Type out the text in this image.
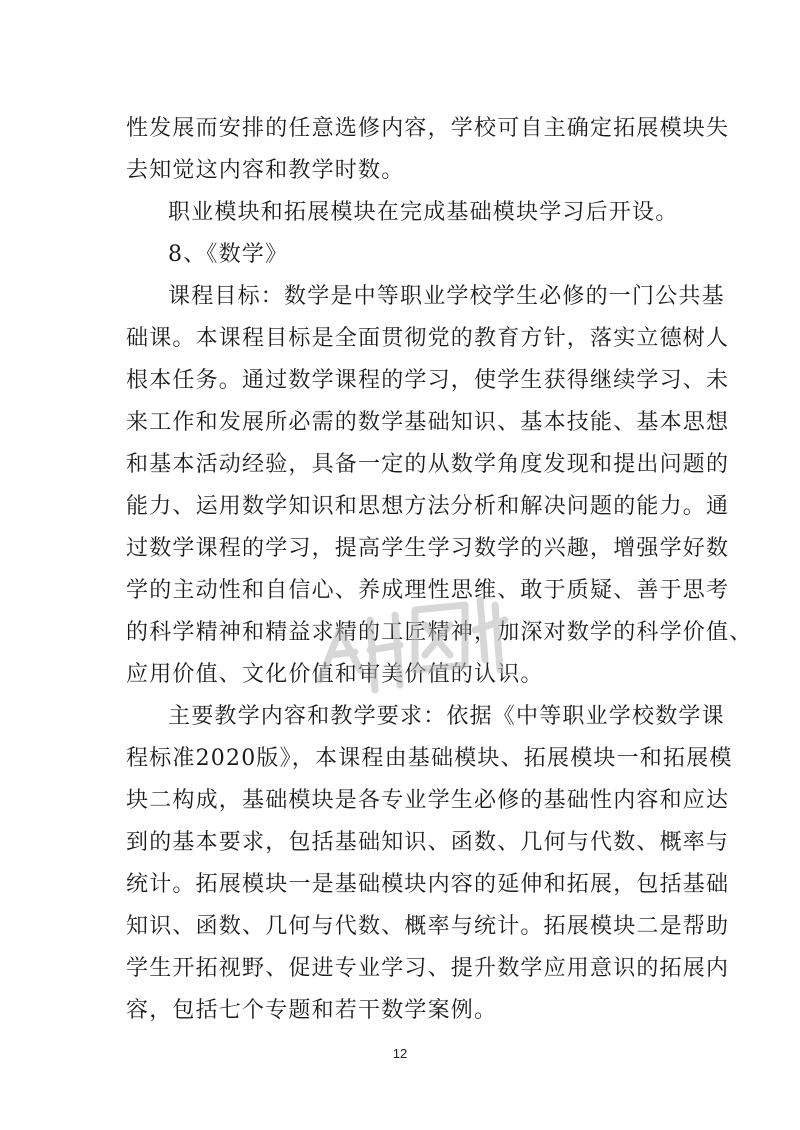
性发展而安排的任意选修内容，学校可自主确定拓展模块失
去知觉这内容和教学时数。
职业模块和拓展模块在完成基础模块学习后开设。
8、《数学》
课程目标：数学是中等职业学校学生必修的一门公共基
础课。本课程目标是全面贯彻党的教育方针，落实立德树人
根本任务。通过数学课程的学习，使学生获得继续学习、未
来工作和发展所必需的数学基础知识、基本技能、基本思想
和基本活动经验，具备一定的从数学角度发现和提出问题的
能力、运用数学知识和思想方法分析和解决问题的能力。通
过数学课程的学习，提高学生学习数学的兴趣，增强学好数
学的主动性和自信心、养成理性思维、敢于质疑、善于思考
的科学精神和精益求精的工匠精神，加深对数学的科学价值、
应用价值、文化价值和审美价值的认识。
主要教学内容和教学要求：依据《中等职业学校数学课
程标准2020版》，本课程由基础模块、拓展模块一和拓展模
块二构成，基础模块是各专业学生必修的基础性内容和应达
到的基本要求，包括基础知识、函数、几何与代数、概率与
统计。拓展模块一是基础模块内容的延伸和拓展，包括基础
知识、函数、几何与代数、概率与统计。拓展模块二是帮助
学生开拓视野、促进专业学习、提升数学应用意识的拓展内
容，包括七个专题和若干数学案例。
12
